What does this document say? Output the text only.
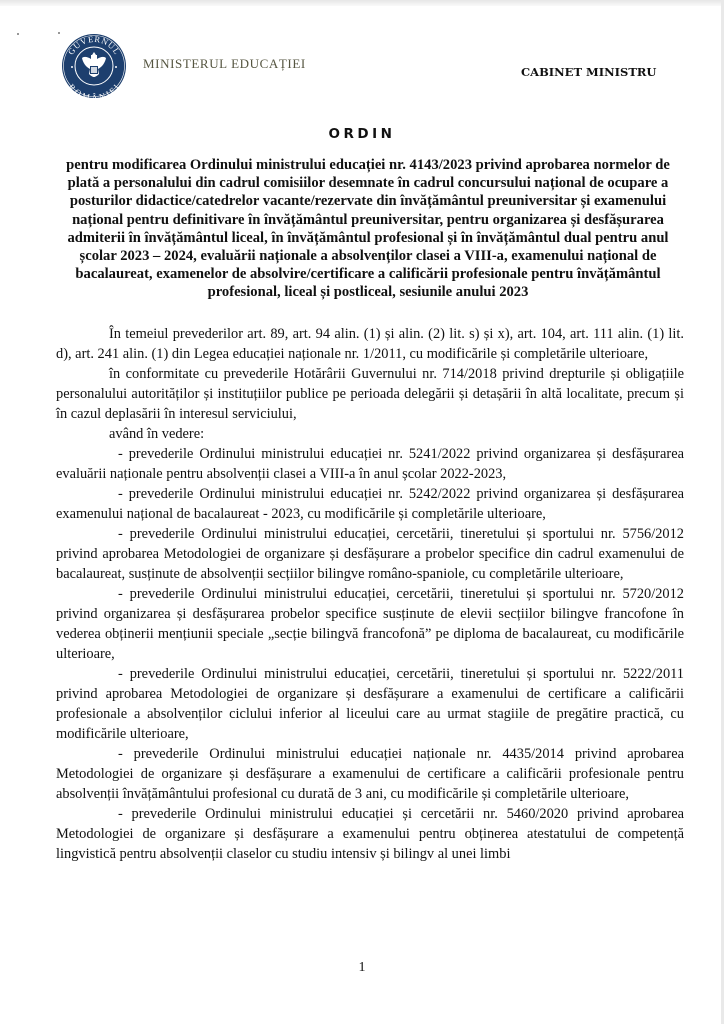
GUVERNUL
ROMÂNIEI
MINISTERUL EDUCAȚIEI
CABINET MINISTRU
ORDIN
pentru modificarea Ordinului ministrului educației nr. 4143/2023 privind aprobarea normelor de plată a personalului din cadrul comisiilor desemnate în cadrul concursului național de ocupare a posturilor didactice/catedrelor vacante/rezervate din învățământul preuniversitar și examenului național pentru definitivare în învățământul preuniversitar, pentru organizarea și desfășurarea admiterii în învățământul liceal, în învățământul profesional și în învățământul dual pentru anul școlar 2023 – 2024, evaluării naționale a absolvenților clasei a VIII-a, examenului național de bacalaureat, examenelor de absolvire/certificare a calificării profesionale pentru învățământul profesional, liceal și postliceal, sesiunile anului 2023

În temeiul prevederilor art. 89, art. 94 alin. (1) și alin. (2) lit. s) și x), art. 104, art. 111 alin. (1) lit. d), art. 241 alin. (1) din Legea educației naționale nr. 1/2011, cu modificările și completările ulterioare,

în conformitate cu prevederile Hotărârii Guvernului nr. 714/2018 privind drepturile și obligațiile personalului autorităților și instituțiilor publice pe perioada delegării și detașării în altă localitate, precum și în cazul deplasării în interesul serviciului,

având în vedere:

- prevederile Ordinului ministrului educației nr. 5241/2022 privind organizarea și desfășurarea evaluării naționale pentru absolvenții clasei a VIII-a în anul școlar 2022-2023,

- prevederile Ordinului ministrului educației nr. 5242/2022 privind organizarea și desfășurarea examenului național de bacalaureat - 2023, cu modificările și completările ulterioare,

- prevederile Ordinului ministrului educației, cercetării, tineretului și sportului nr. 5756/2012 privind aprobarea Metodologiei de organizare și desfășurare a probelor specifice din cadrul examenului de bacalaureat, susținute de absolvenții secțiilor bilingve româno-spaniole, cu completările ulterioare,

- prevederile Ordinului ministrului educației, cercetării, tineretului și sportului nr. 5720/2012 privind organizarea și desfășurarea probelor specifice susținute de elevii secțiilor bilingve francofone în vederea obținerii mențiunii speciale „secție bilingvă francofonă” pe diploma de bacalaureat, cu modificările ulterioare,

- prevederile Ordinului ministrului educației, cercetării, tineretului și sportului nr. 5222/2011 privind aprobarea Metodologiei de organizare și desfășurare a examenului de certificare a calificării profesionale a absolvenților ciclului inferior al liceului care au urmat stagiile de pregătire practică, cu modificările ulterioare,

- prevederile Ordinului ministrului educației naționale nr. 4435/2014 privind aprobarea Metodologiei de organizare și desfășurare a examenului de certificare a calificării profesionale pentru absolvenții învățământului profesional cu durată de 3 ani, cu modificările și completările ulterioare,

- prevederile Ordinului ministrului educației și cercetării nr. 5460/2020 privind aprobarea Metodologiei de organizare și desfășurare a examenului pentru obținerea atestatului de competență lingvistică pentru absolvenții claselor cu studiu intensiv și bilingv al unei limbi

1
